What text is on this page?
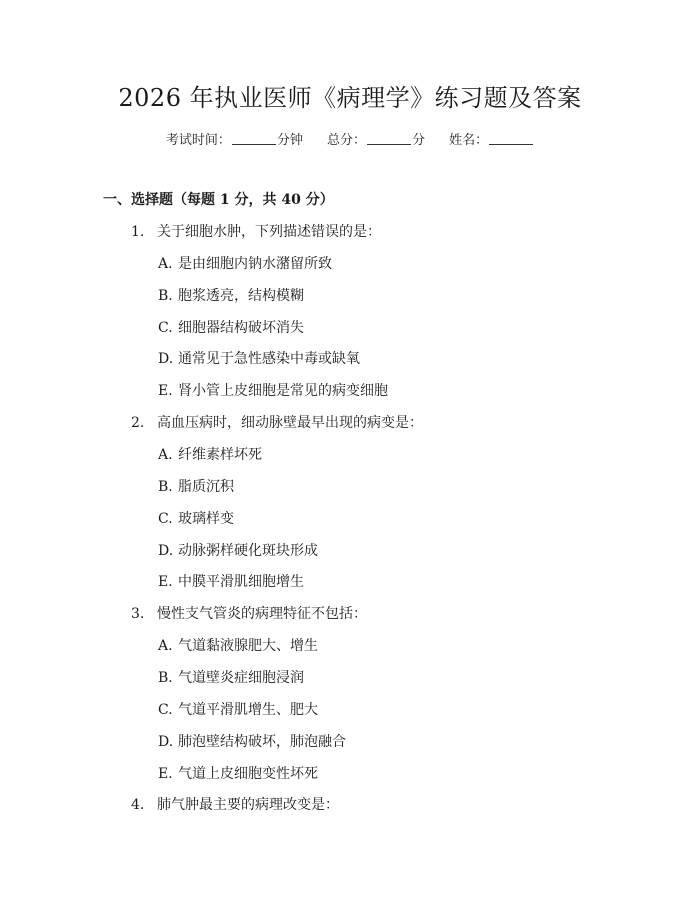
2026 年执业医师《病理学》练习题及答案
考试时间：	分钟 总分：	分 姓名：
一、选择题（每题 1 分，共 40 分）
1. 关于细胞水肿，下列描述错误的是：
A. 是由细胞内钠水潴留所致
B. 胞浆透亮，结构模糊
C. 细胞器结构破坏消失
D. 通常见于急性感染中毒或缺氧
E. 肾小管上皮细胞是常见的病变细胞
2. 高血压病时，细动脉壁最早出现的病变是：
A. 纤维素样坏死
B. 脂质沉积
C. 玻璃样变
D. 动脉粥样硬化斑块形成
E. 中膜平滑肌细胞增生
3. 慢性支气管炎的病理特征不包括：
A. 气道黏液腺肥大、增生
B. 气道壁炎症细胞浸润
C. 气道平滑肌增生、肥大
D. 肺泡壁结构破坏，肺泡融合
E. 气道上皮细胞变性坏死
4. 肺气肿最主要的病理改变是：
